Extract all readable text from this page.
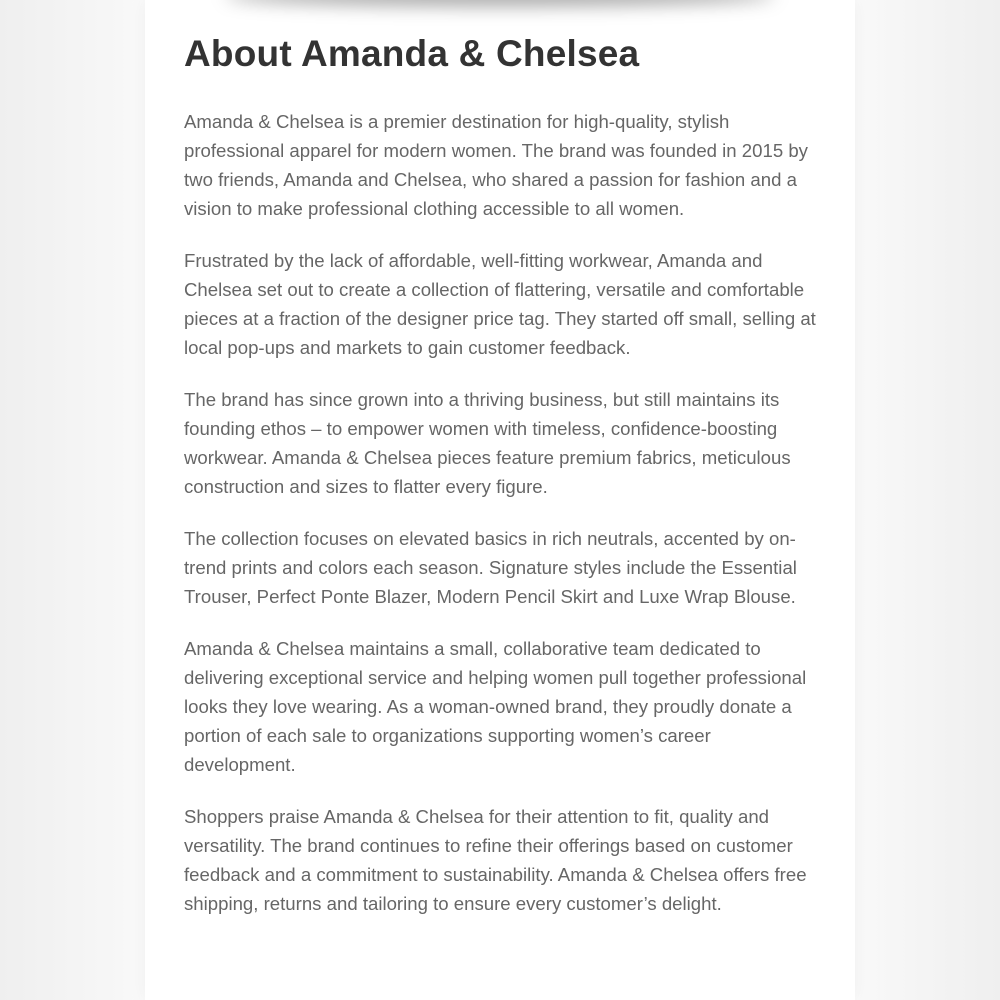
About Amanda & Chelsea

Amanda & Chelsea is a premier destination for high-quality, stylish professional apparel for modern women. The brand was founded in 2015 by two friends, Amanda and Chelsea, who shared a passion for fashion and a vision to make professional clothing accessible to all women.

Frustrated by the lack of affordable, well-fitting workwear, Amanda and Chelsea set out to create a collection of flattering, versatile and comfortable pieces at a fraction of the designer price tag. They started off small, selling at local pop-ups and markets to gain customer feedback.

The brand has since grown into a thriving business, but still maintains its founding ethos – to empower women with timeless, confidence-boosting workwear. Amanda & Chelsea pieces feature premium fabrics, meticulous construction and sizes to flatter every figure.

The collection focuses on elevated basics in rich neutrals, accented by on-trend prints and colors each season. Signature styles include the Essential Trouser, Perfect Ponte Blazer, Modern Pencil Skirt and Luxe Wrap Blouse.

Amanda & Chelsea maintains a small, collaborative team dedicated to delivering exceptional service and helping women pull together professional looks they love wearing. As a woman-owned brand, they proudly donate a portion of each sale to organizations supporting women’s career development.

Shoppers praise Amanda & Chelsea for their attention to fit, quality and versatility. The brand continues to refine their offerings based on customer feedback and a commitment to sustainability. Amanda & Chelsea offers free shipping, returns and tailoring to ensure every customer’s delight.
